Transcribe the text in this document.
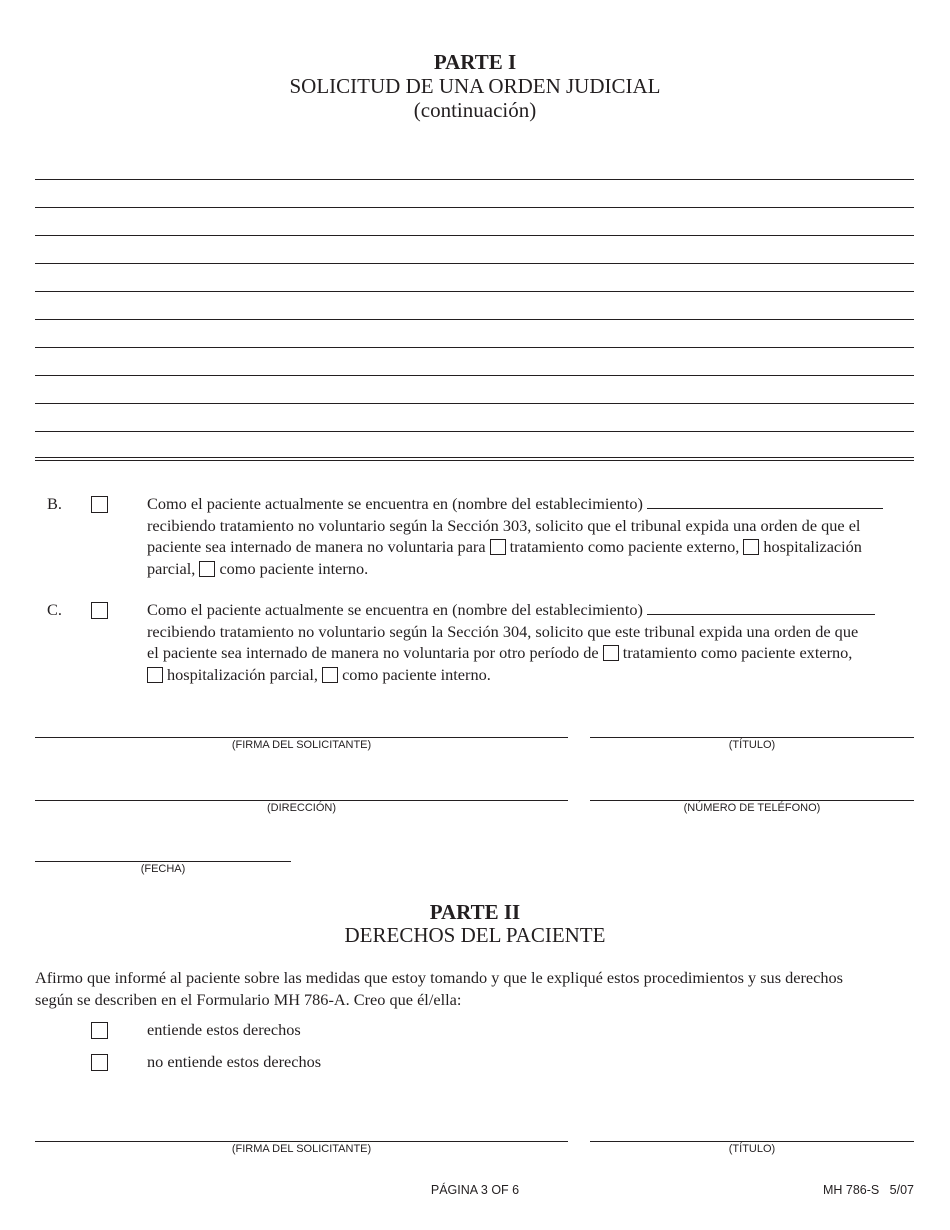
PARTE I
SOLICITUD DE UNA ORDEN JUDICIAL
(continuación)
B.	Como el paciente actualmente se encuentra en (nombre del establecimiento)
recibiendo tratamiento no voluntario según la Sección 303, solicito que el tribunal expida una orden de que el
paciente sea internado de manera no voluntaria para tratamiento como paciente externo, hospitalización
parcial, como paciente interno.
C.	Como el paciente actualmente se encuentra en (nombre del establecimiento)
recibiendo tratamiento no voluntario según la Sección 304, solicito que este tribunal expida una orden de que
el paciente sea internado de manera no voluntaria por otro período de tratamiento como paciente externo,
hospitalización parcial, como paciente interno.
(FIRMA DEL SOLICITANTE)	(TÍTULO)
(DIRECCIÓN)	(NÚMERO DE TELÉFONO)
(FECHA)
PARTE II
DERECHOS DEL PACIENTE
Afirmo que informé al paciente sobre las medidas que estoy tomando y que le expliqué estos procedimientos y sus derechos
según se describen en el Formulario MH 786-A. Creo que él/ella:
entiende estos derechos
no entiende estos derechos
(FIRMA DEL SOLICITANTE)	(TÍTULO)
PÁGINA 3 OF 6	MH 786-S   5/07
